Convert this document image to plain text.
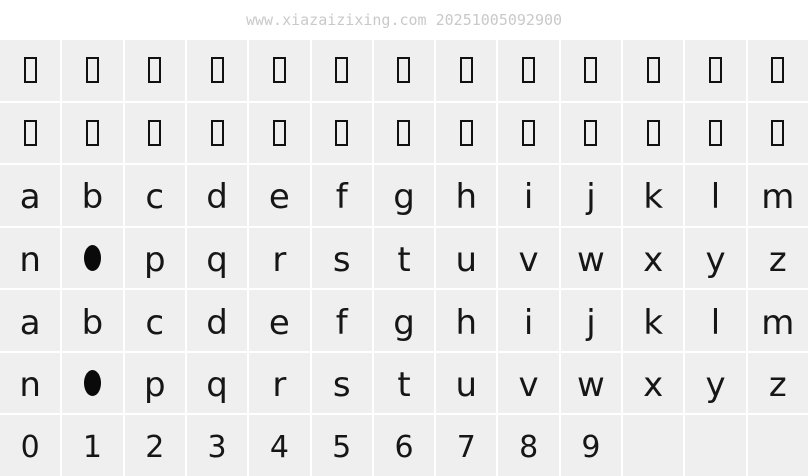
www.xiazaizixing.com 20251005092900
a b c d e f g h i j k l m
n	p q r s t u v w x y z
a b c d e f g h i j k l m
n	p q r s t u v w x y z
0 1 2 3 4 5 6 7 8 9
